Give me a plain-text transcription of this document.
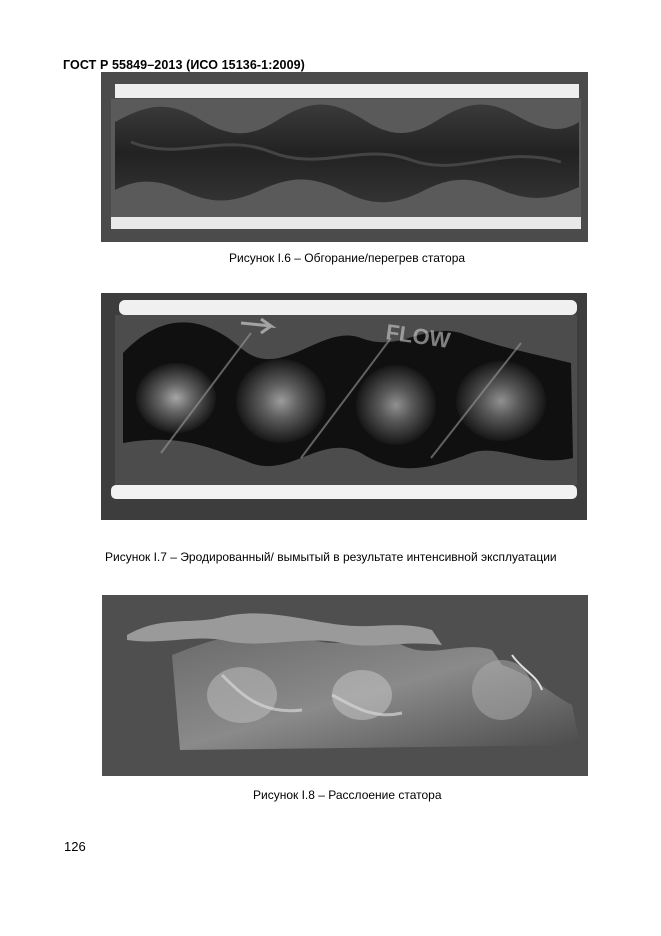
ГОСТ Р 55849–2013 (ИСО 15136-1:2009)
Рисунок I.6 – Обгорание/перегрев статора
FLOW
Рисунок I.7 – Эродированный/ вымытый в результате интенсивной эксплуатации
Рисунок I.8 – Расслоение статора
126
